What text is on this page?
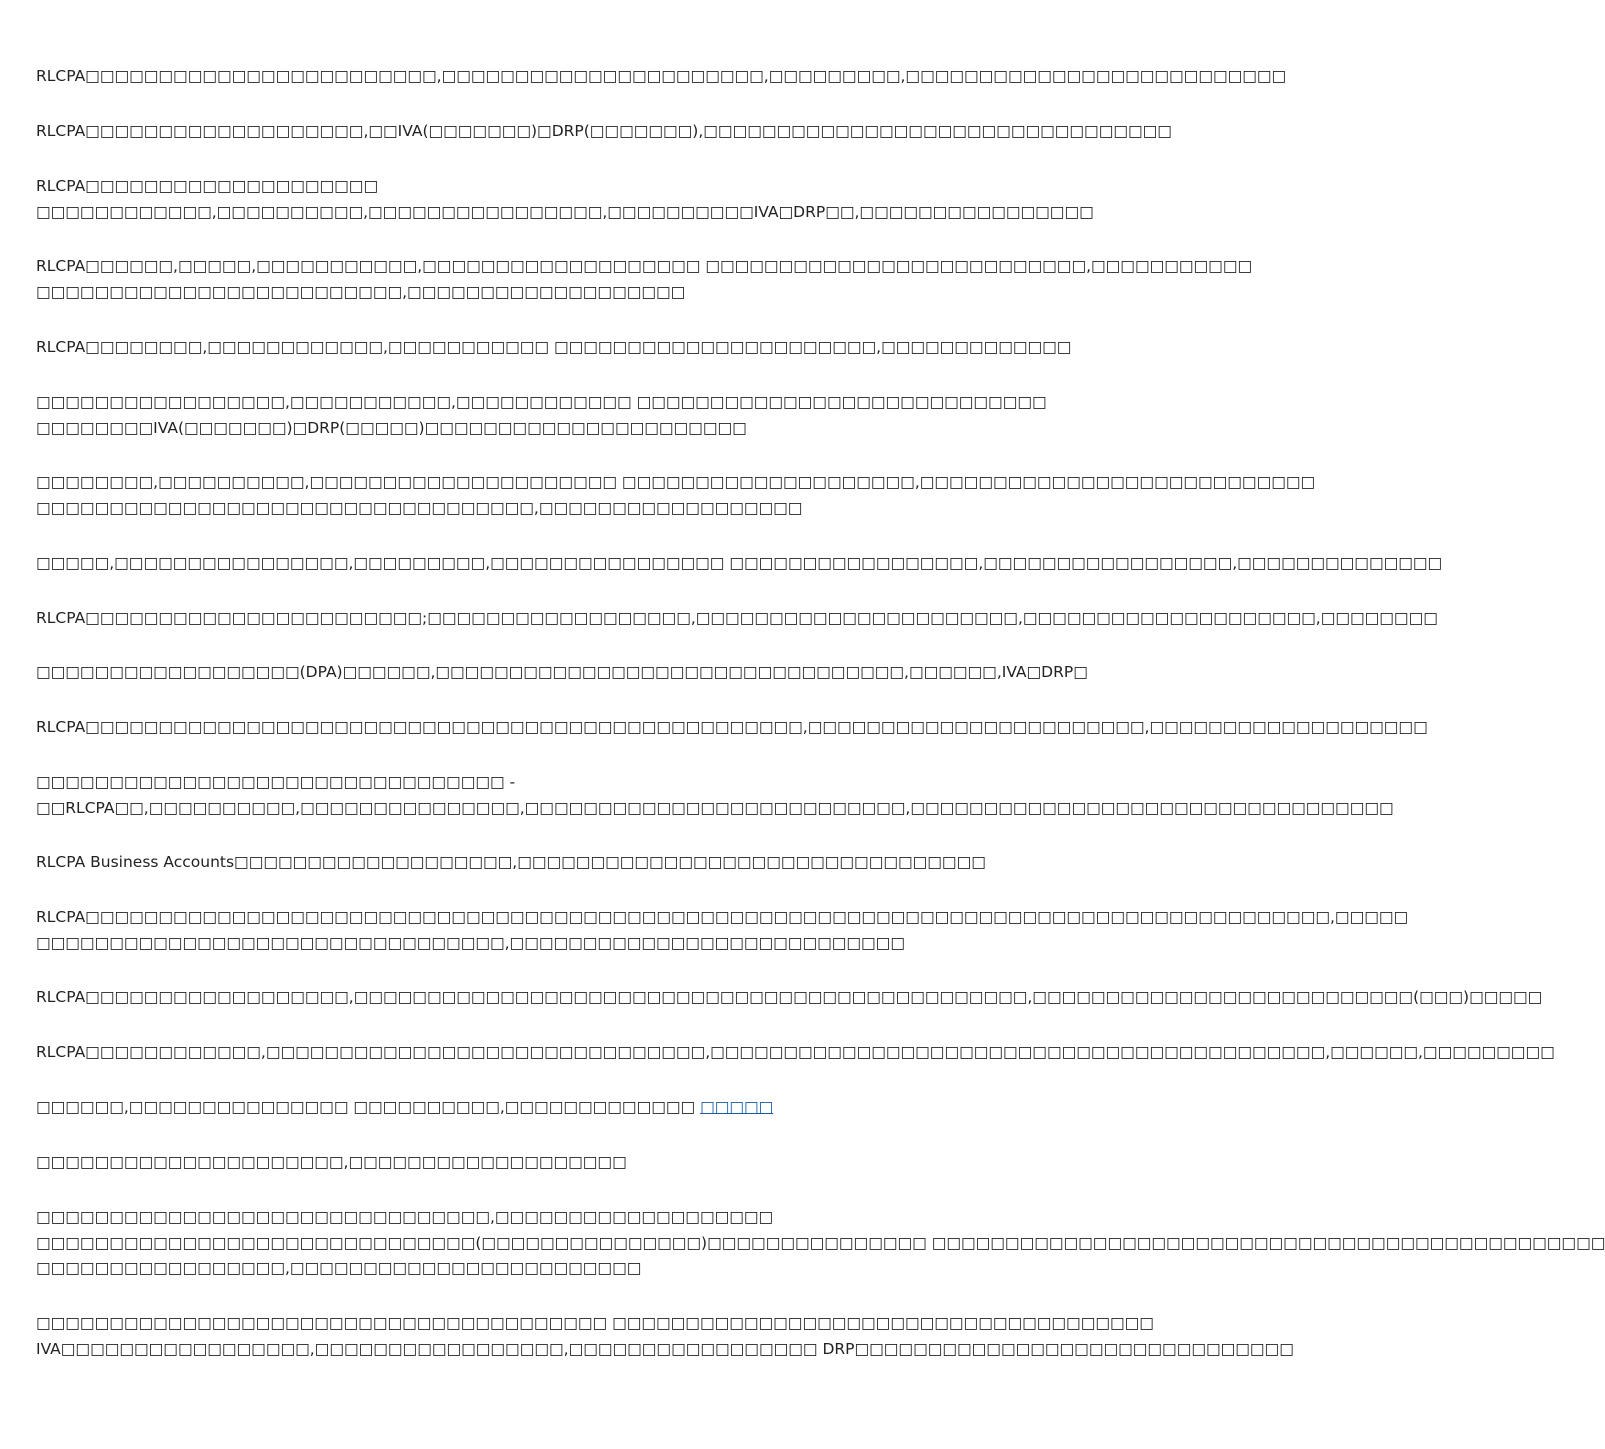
RLCPA□□□□□□□□□□□□□□□□□□□□□□□□,□□□□□□□□□□□□□□□□□□□□□□,□□□□□□□□□,□□□□□□□□□□□□□□□□□□□□□□□□□□
RLCPA□□□□□□□□□□□□□□□□□□□,□□IVA(□□□□□□□)□DRP(□□□□□□□),□□□□□□□□□□□□□□□□□□□□□□□□□□□□□□□□
RLCPA□□□□□□□□□□□□□□□□□□□□
□□□□□□□□□□□□,□□□□□□□□□□,□□□□□□□□□□□□□□□□,□□□□□□□□□□IVA□DRP□□,□□□□□□□□□□□□□□□□
RLCPA□□□□□□,□□□□□,□□□□□□□□□□□,□□□□□□□□□□□□□□□□□□□ □□□□□□□□□□□□□□□□□□□□□□□□□□,□□□□□□□□□□□
□□□□□□□□□□□□□□□□□□□□□□□□□,□□□□□□□□□□□□□□□□□□□
RLCPA□□□□□□□□,□□□□□□□□□□□□,□□□□□□□□□□□ □□□□□□□□□□□□□□□□□□□□□□,□□□□□□□□□□□□□
□□□□□□□□□□□□□□□□□,□□□□□□□□□□□,□□□□□□□□□□□□ □□□□□□□□□□□□□□□□□□□□□□□□□□□□
□□□□□□□□IVA(□□□□□□□)□DRP(□□□□□)□□□□□□□□□□□□□□□□□□□□□□
□□□□□□□□,□□□□□□□□□□,□□□□□□□□□□□□□□□□□□□□□ □□□□□□□□□□□□□□□□□□□□,□□□□□□□□□□□□□□□□□□□□□□□□□□□
□□□□□□□□□□□□□□□□□□□□□□□□□□□□□□□□□□,□□□□□□□□□□□□□□□□□□
□□□□□,□□□□□□□□□□□□□□□□,□□□□□□□□□,□□□□□□□□□□□□□□□□ □□□□□□□□□□□□□□□□□,□□□□□□□□□□□□□□□□□,□□□□□□□□□□□□□□
RLCPA□□□□□□□□□□□□□□□□□□□□□□□;□□□□□□□□□□□□□□□□□□,□□□□□□□□□□□□□□□□□□□□□□,□□□□□□□□□□□□□□□□□□□□,□□□□□□□□
□□□□□□□□□□□□□□□□□□(DPA)□□□□□□,□□□□□□□□□□□□□□□□□□□□□□□□□□□□□□□□,□□□□□□,IVA□DRP□
RLCPA□□□□□□□□□□□□□□□□□□□□□□□□□□□□□□□□□□□□□□□□□□□□□□□□□,□□□□□□□□□□□□□□□□□□□□□□□,□□□□□□□□□□□□□□□□□□□
□□□□□□□□□□□□□□□□□□□□□□□□□□□□□□□□ -
□□RLCPA□□,□□□□□□□□□□,□□□□□□□□□□□□□□□,□□□□□□□□□□□□□□□□□□□□□□□□□□,□□□□□□□□□□□□□□□□□□□□□□□□□□□□□□□□□
RLCPA Business Accounts□□□□□□□□□□□□□□□□□□□,□□□□□□□□□□□□□□□□□□□□□□□□□□□□□□□□
RLCPA□□□□□□□□□□□□□□□□□□□□□□□□□□□□□□□□□□□□□□□□□□□□□□□□□□□□□□□□□□□□□□□□□□□□□□□□□□□□□□□□□□□□□,□□□□□
□□□□□□□□□□□□□□□□□□□□□□□□□□□□□□□□,□□□□□□□□□□□□□□□□□□□□□□□□□□□
RLCPA□□□□□□□□□□□□□□□□□□,□□□□□□□□□□□□□□□□□□□□□□□□□□□□□□□□□□□□□□□□□□□□□□,□□□□□□□□□□□□□□□□□□□□□□□□□□(□□□)□□□□□
RLCPA□□□□□□□□□□□□,□□□□□□□□□□□□□□□□□□□□□□□□□□□□□□,□□□□□□□□□□□□□□□□□□□□□□□□□□□□□□□□□□□□□□□□□□,□□□□□□,□□□□□□□□□
□□□□□□,□□□□□□□□□□□□□□□ □□□□□□□□□□,□□□□□□□□□□□□□ □□□□□
□□□□□□□□□□□□□□□□□□□□□,□□□□□□□□□□□□□□□□□□□
□□□□□□□□□□□□□□□□□□□□□□□□□□□□□□□,□□□□□□□□□□□□□□□□□□□
□□□□□□□□□□□□□□□□□□□□□□□□□□□□□□(□□□□□□□□□□□□□□□)□□□□□□□□□□□□□□□ □□□□□□□□□□□□□□□□□□□□□□□□□□□□□□□□□□□□□□□□□□□□□□
□□□□□□□□□□□□□□□□□,□□□□□□□□□□□□□□□□□□□□□□□□
□□□□□□□□□□□□□□□□□□□□□□□□□□□□□□□□□□□□□□□ □□□□□□□□□□□□□□□□□□□□□□□□□□□□□□□□□□□□□
IVA□□□□□□□□□□□□□□□□□,□□□□□□□□□□□□□□□□□,□□□□□□□□□□□□□□□□□ DRP□□□□□□□□□□□□□□□□□□□□□□□□□□□□□□
